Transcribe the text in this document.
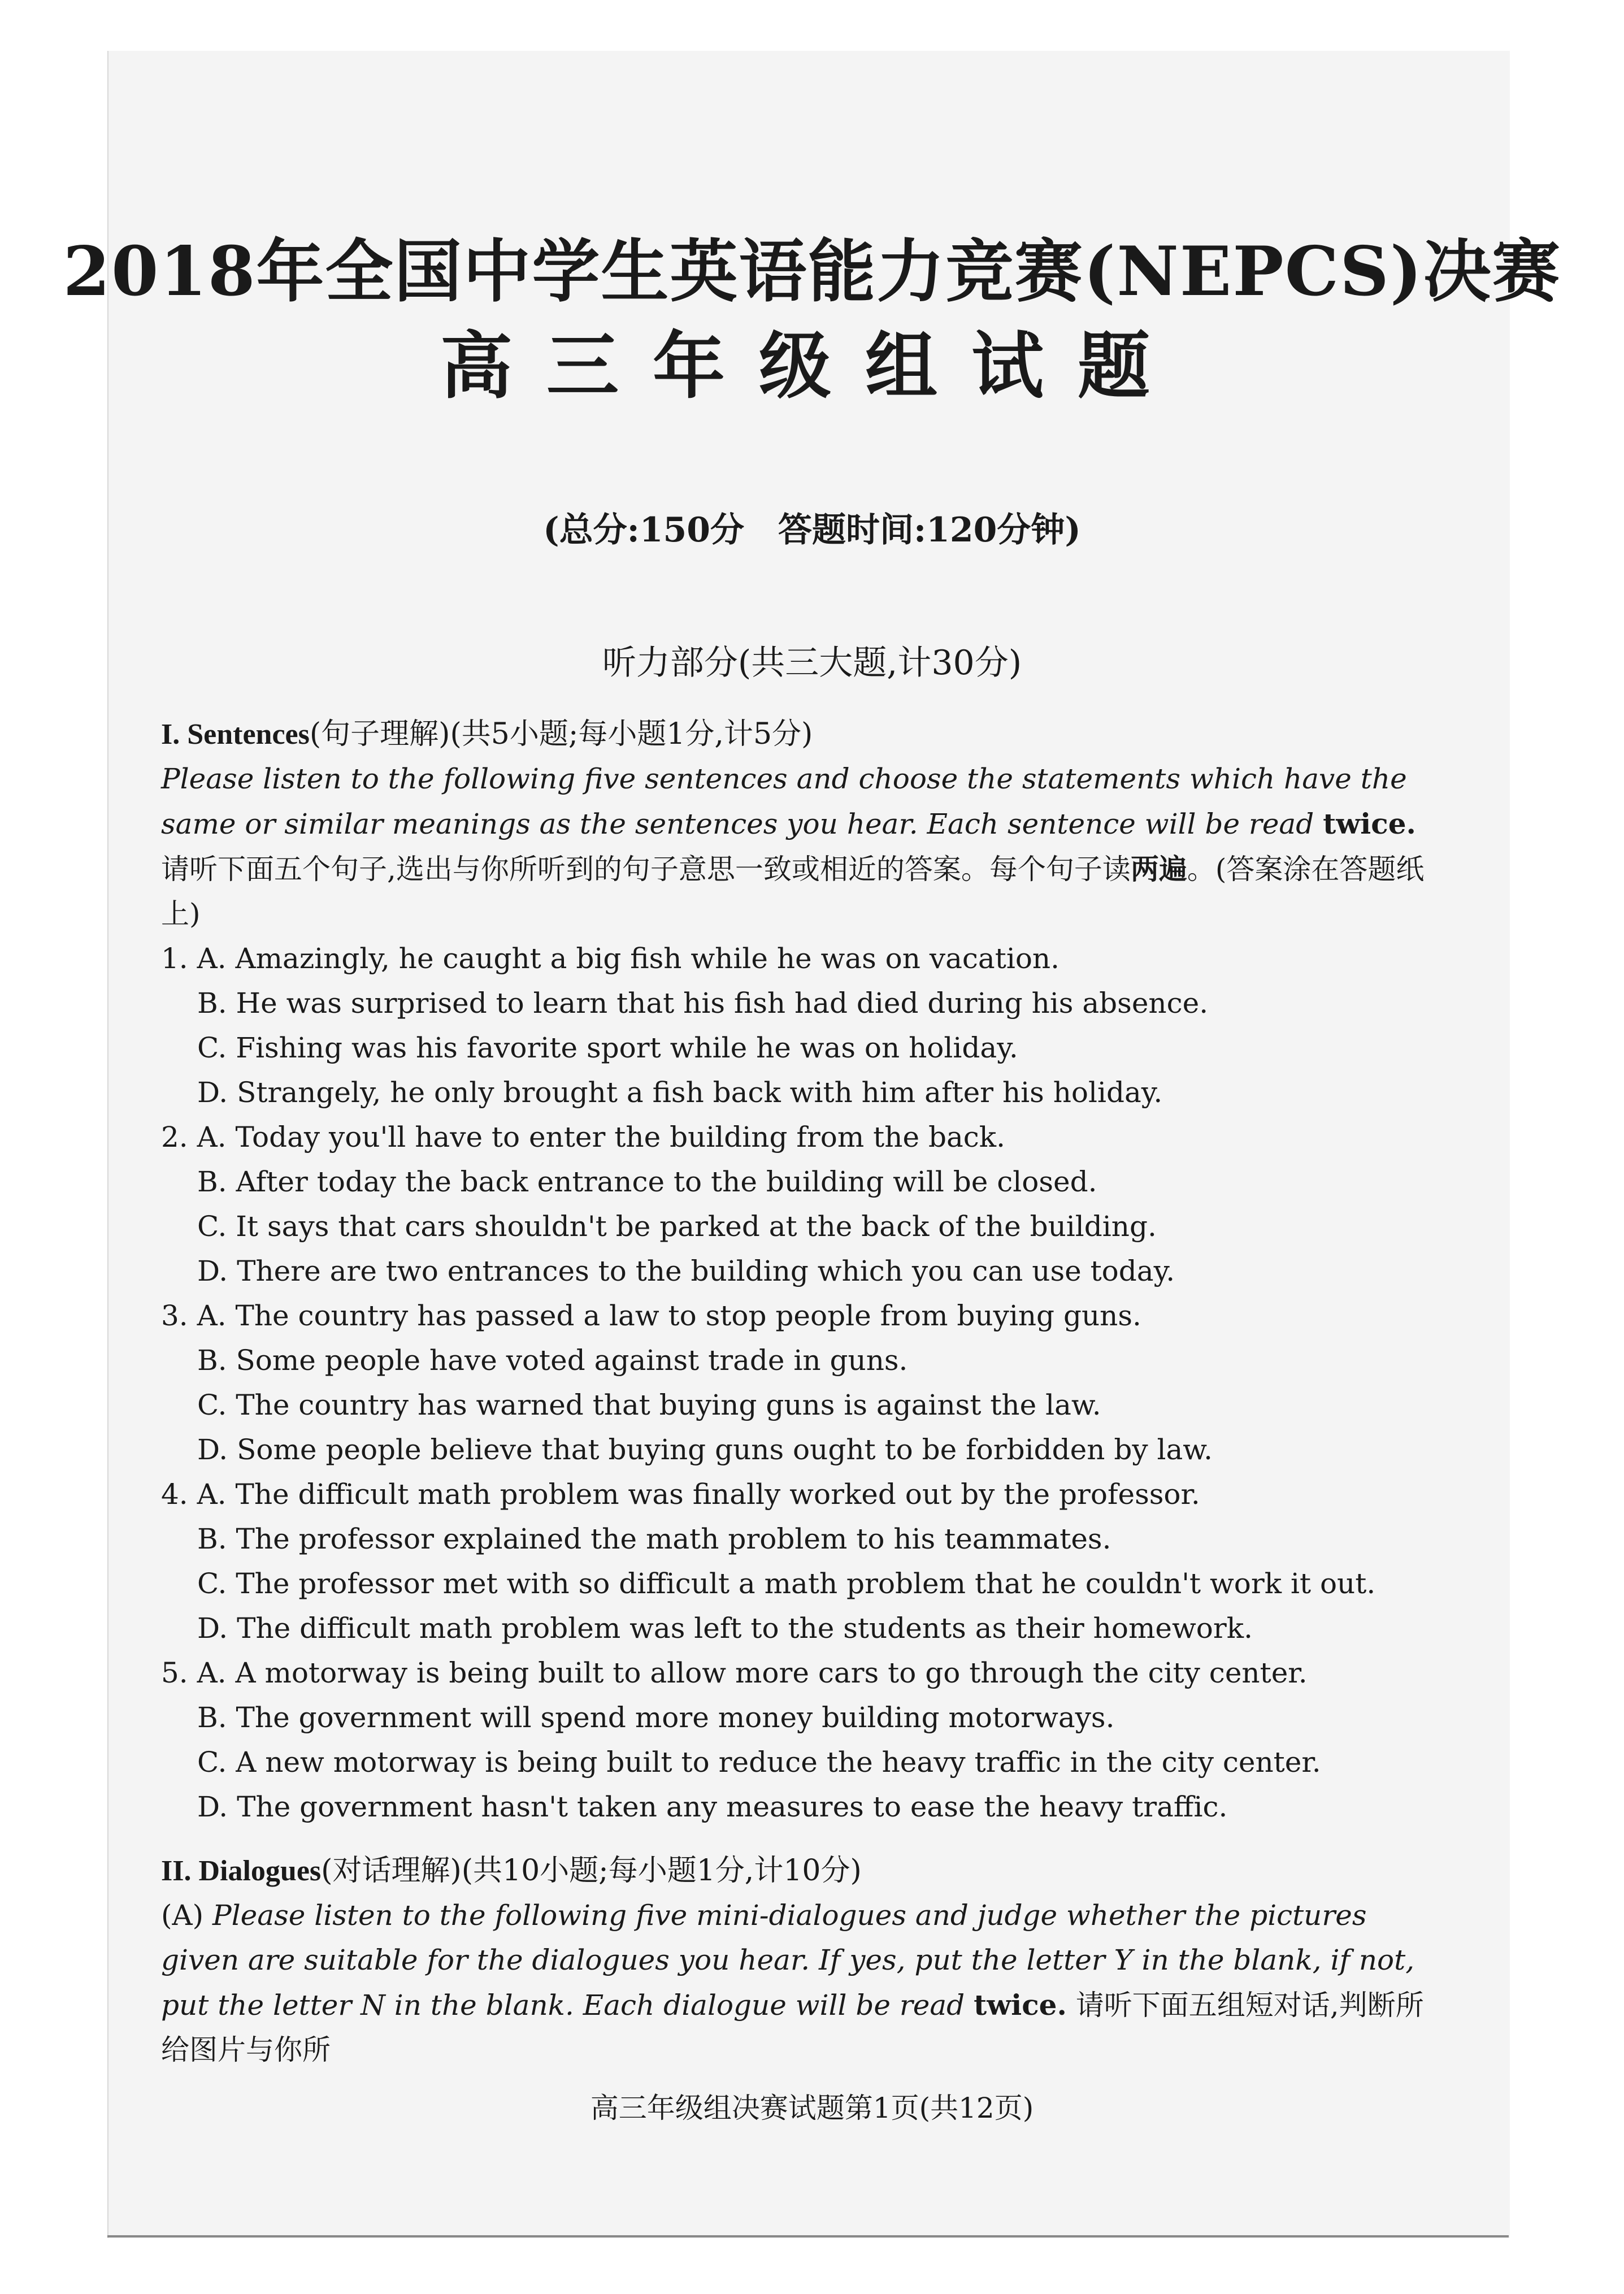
2018年全国中学生英语能力竞赛(NEPCS)决赛
高三年级组试题
(总分:150分　答题时间:120分钟)
听力部分(共三大题,计30分)
I. Sentences(句子理解)(共5小题;每小题1分,计5分)
Please listen to the following five sentences and choose the statements which have the same or similar meanings as the sentences you hear. Each sentence will be read twice. 请听下面五个句子,选出与你所听到的句子意思一致或相近的答案。每个句子读两遍。(答案涂在答题纸上)
1. A. Amazingly, he caught a big fish while he was on vacation.
B. He was surprised to learn that his fish had died during his absence.
C. Fishing was his favorite sport while he was on holiday.
D. Strangely, he only brought a fish back with him after his holiday.
2. A. Today you'll have to enter the building from the back.
B. After today the back entrance to the building will be closed.
C. It says that cars shouldn't be parked at the back of the building.
D. There are two entrances to the building which you can use today.
3. A. The country has passed a law to stop people from buying guns.
B. Some people have voted against trade in guns.
C. The country has warned that buying guns is against the law.
D. Some people believe that buying guns ought to be forbidden by law.
4. A. The difficult math problem was finally worked out by the professor.
B. The professor explained the math problem to his teammates.
C. The professor met with so difficult a math problem that he couldn't work it out.
D. The difficult math problem was left to the students as their homework.
5. A. A motorway is being built to allow more cars to go through the city center.
B. The government will spend more money building motorways.
C. A new motorway is being built to reduce the heavy traffic in the city center.
D. The government hasn't taken any measures to ease the heavy traffic.
II. Dialogues(对话理解)(共10小题;每小题1分,计10分)
(A) Please listen to the following five mini-dialogues and judge whether the pictures given are suitable for the dialogues you hear. If yes, put the letter Y in the blank, if not, put the letter N in the blank. Each dialogue will be read twice. 请听下面五组短对话,判断所给图片与你所
高三年级组决赛试题第1页(共12页)
